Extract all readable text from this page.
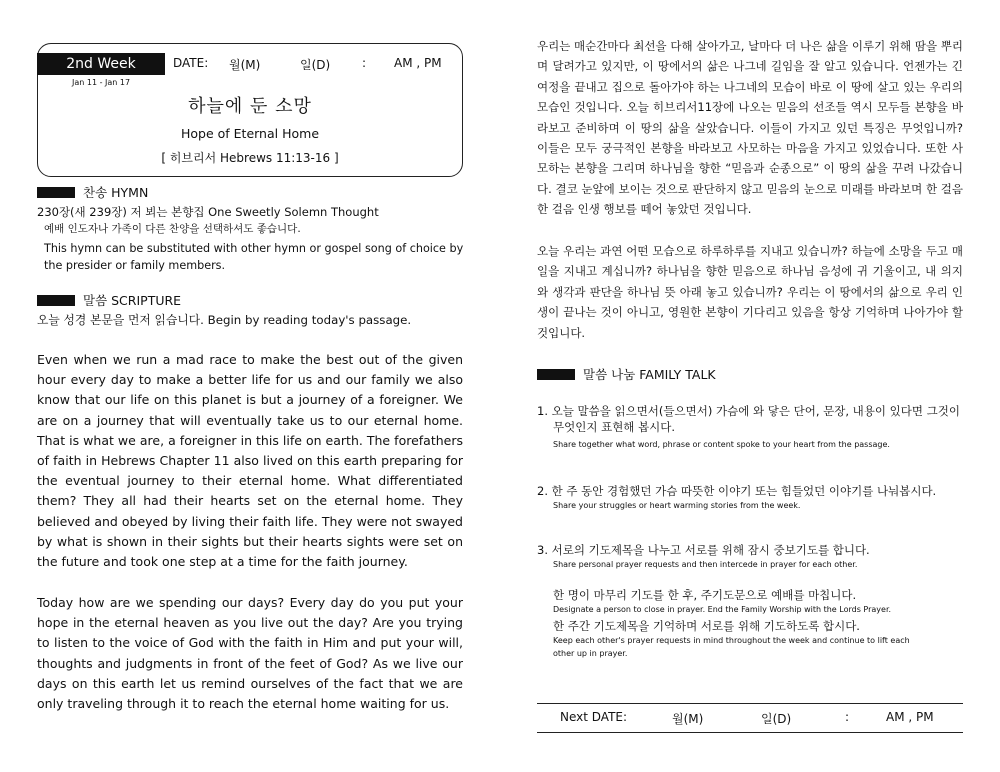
2nd Week
Jan 11 - Jan 17
DATE: 월(M)	일(D)	: AM , PM
하늘에 둔 소망
Hope of Eternal Home
[ 히브리서 Hebrews 11:13-16 ]
찬송 HYMN
230장(새 239장) 저 뵈는 본향집 One Sweetly Solemn Thought
예배 인도자나 가족이 다른 찬양을 선택하셔도 좋습니다.
This hymn can be substituted with other hymn or gospel song of choice by
the presider or family members.
말씀 SCRIPTURE
오늘 성경 본문을 먼저 읽습니다. Begin by reading today's passage.
Even when we run a mad race to make the best out of the given hour every day to make a better life for us and our family we also know that our life on this planet is but a journey of a foreigner. We are on a journey that will eventually take us to our eternal home. That is what we are, a foreigner in this life on earth. The forefathers of faith in Hebrews Chapter 11 also lived on this earth preparing for the eventual journey to their eternal home. What differentiated them? They all had their hearts set on the eternal home. They believed and obeyed by living their faith life. They were not swayed by what is shown in their sights but their hearts sights were set on the future and took one step at a time for the faith journey.
Today how are we spending our days? Every day do you put your hope in the eternal heaven as you live out the day? Are you trying to listen to the voice of God with the faith in Him and put your will, thoughts and judgments in front of the feet of God? As we live our days on this earth let us remind ourselves of the fact that we are only traveling through it to reach the eternal home waiting for us.
우리는 매순간마다 최선을 다해 살아가고, 날마다 더 나은 삶을 이루기 위해 땀을 뿌리며 달려가고 있지만, 이 땅에서의 삶은 나그네 길임을 잘 알고 있습니다. 언젠가는 긴 여정을 끝내고 집으로 돌아가야 하는 나그네의 모습이 바로 이 땅에 살고 있는 우리의 모습인 것입니다. 오늘 히브리서11장에 나오는 믿음의 선조들 역시 모두들 본향을 바라보고 준비하며 이 땅의 삶을 살았습니다. 이들이 가지고 있던 특징은 무엇입니까? 이들은 모두 궁극적인 본향을 바라보고 사모하는 마음을 가지고 있었습니다. 또한 사모하는 본향을 그리며 하나님을 향한 “믿음과 순종으로” 이 땅의 삶을 꾸려 나갔습니다. 결코 눈앞에 보이는 것으로 판단하지 않고 믿음의 눈으로 미래를 바라보며 한 걸음 한 걸음 인생 행보를 떼어 놓았던 것입니다.
오늘 우리는 과연 어떤 모습으로 하루하루를 지내고 있습니까? 하늘에 소망을 두고 매일을 지내고 계십니까? 하나님을 향한 믿음으로 하나님 음성에 귀 기울이고, 내 의지와 생각과 판단을 하나님 뜻 아래 놓고 있습니까? 우리는 이 땅에서의 삶으로 우리 인생이 끝나는 것이 아니고, 영원한 본향이 기다리고 있음을 항상 기억하며 나아가야 할 것입니다.
말씀 나눔 FAMILY TALK
1. 오늘 말씀을 읽으면서(들으면서) 가슴에 와 닿은 단어, 문장, 내용이 있다면 그것이
무엇인지 표현해 봅시다.
Share together what word, phrase or content spoke to your heart from the passage.
2. 한 주 동안 경험했던 가슴 따뜻한 이야기 또는 힘들었던 이야기를 나눠봅시다.
Share your struggles or heart warming stories from the week.
3. 서로의 기도제목을 나누고 서로를 위해 잠시 중보기도를 합니다.
Share personal prayer requests and then intercede in prayer for each other.
한 명이 마무리 기도를 한 후, 주기도문으로 예배를 마칩니다.
Designate a person to close in prayer. End the Family Worship with the Lords Prayer.
한 주간 기도제목을 기억하며 서로를 위해 기도하도록 합시다.
Keep each other's prayer requests in mind throughout the week and continue to lift each
other up in prayer.
Next DATE:	월(M)	일(D)	:	AM , PM
